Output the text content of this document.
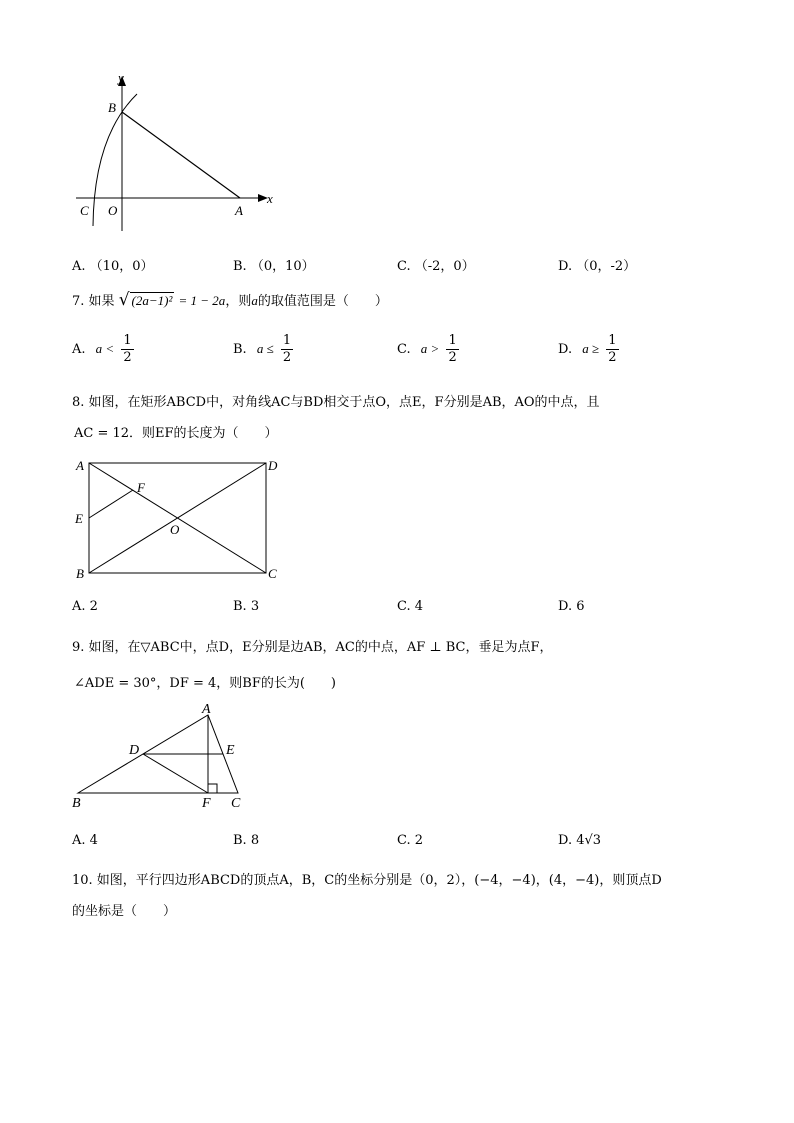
y
x
B
C O	A
A. （10，0）	B. （0，10）	C. （-2，0）	D. （0，-2）
7. 如果 √ (2a−1)² = 1 − 2a，则a的取值范围是（　　）
A. $a < \frac{1}{2}$	B. $a \le \frac{1}{2}$	C. $a > \frac{1}{2}$	D. $a \ge \frac{1}{2}$
8. 如图，在矩形ABCD中，对角线AC与BD相交于点O，点E，F分别是AB，AO的中点，且
AC = 12．则EF的长度为（　　）
A	D
F
E
O
B	C
A. 2	B. 3	C. 4	D. 6
9. 如图，在▽ABC中，点D，E分别是边AB，AC的中点，AF ⊥ BC，垂足为点F，
∠ADE = 30°，DF = 4，则BF的长为(　　)
A
D	E
B	F C
A. 4	B. 8	C. 2	D. 4√3
10. 如图，平行四边形ABCD的顶点A，B，C的坐标分别是（0，2），(−4，−4)，(4，−4)，则顶点D
的坐标是（　　）
